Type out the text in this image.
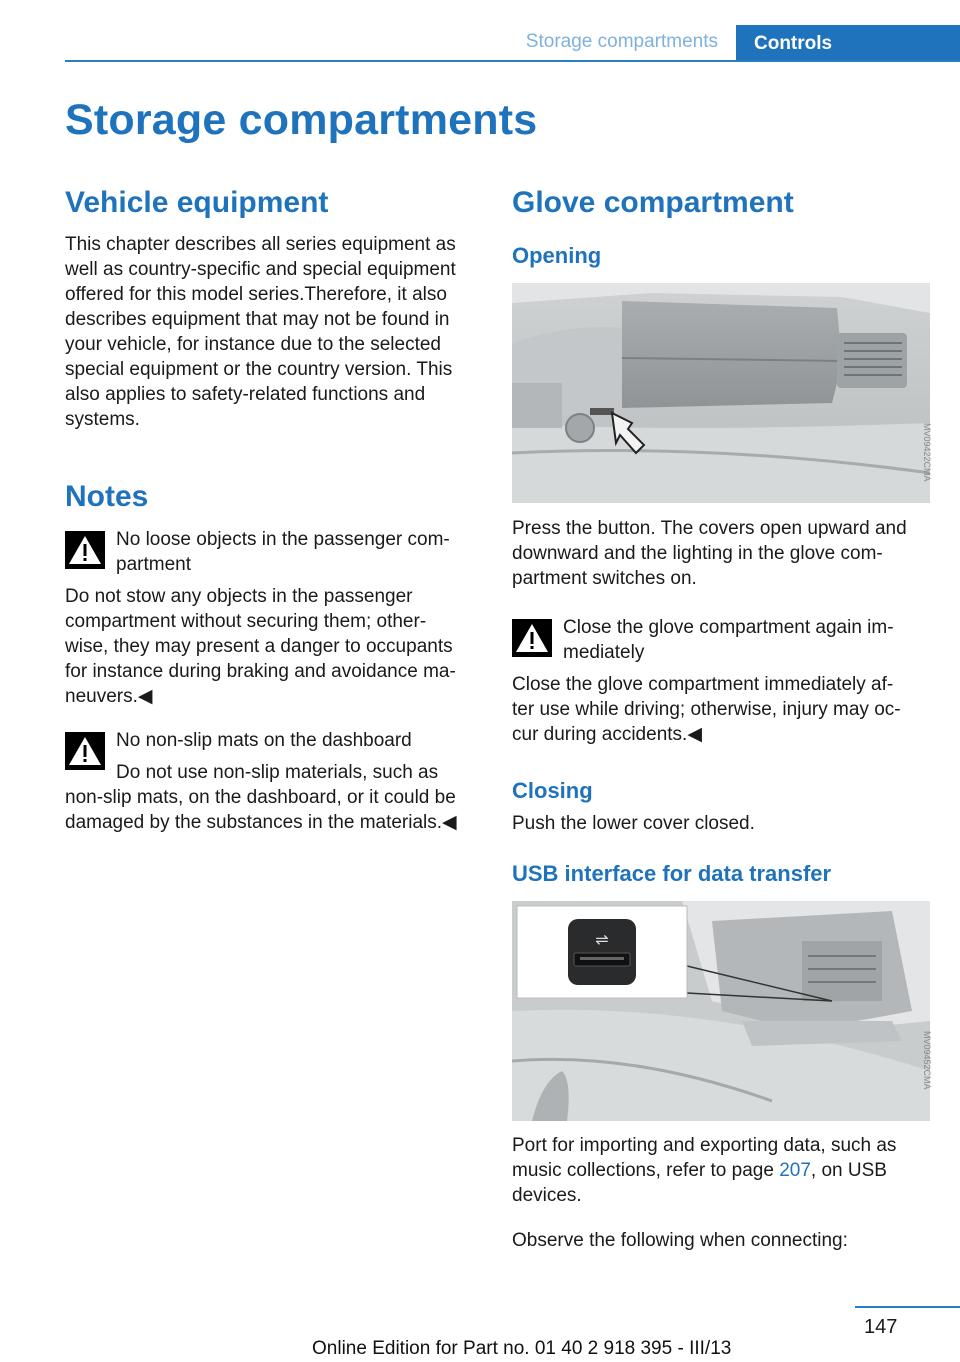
Storage compartments	Controls
Storage compartments
Vehicle equipment

This chapter describes all series equipment as

well as country-specific and special equipment

offered for this model series.Therefore, it also

describes equipment that may not be found in

your vehicle, for instance due to the selected

special equipment or the country version. This

also applies to safety-related functions and

systems.

Notes

No loose objects in the passenger com-

partment

Do not stow any objects in the passenger

compartment without securing them; other-

wise, they may present a danger to occupants

for instance during braking and avoidance ma-

neuvers.◀

No non-slip mats on the dashboard

Do not use non-slip materials, such as

non-slip mats, on the dashboard, or it could be

damaged by the substances in the materials.◀

Glove compartment
Opening
MV09422CMA

Press the button. The covers open upward and

downward and the lighting in the glove com-

partment switches on.

Close the glove compartment again im-

mediately

Close the glove compartment immediately af-

ter use while driving; otherwise, injury may oc-

cur during accidents.◀

Closing

Push the lower cover closed.

USB interface for data transfer
⇌
MV09452CMA

Port for importing and exporting data, such as

music collections, refer to page 207, on USB

devices.

Observe the following when connecting:

147
Online Edition for Part no. 01 40 2 918 395 - III/13
